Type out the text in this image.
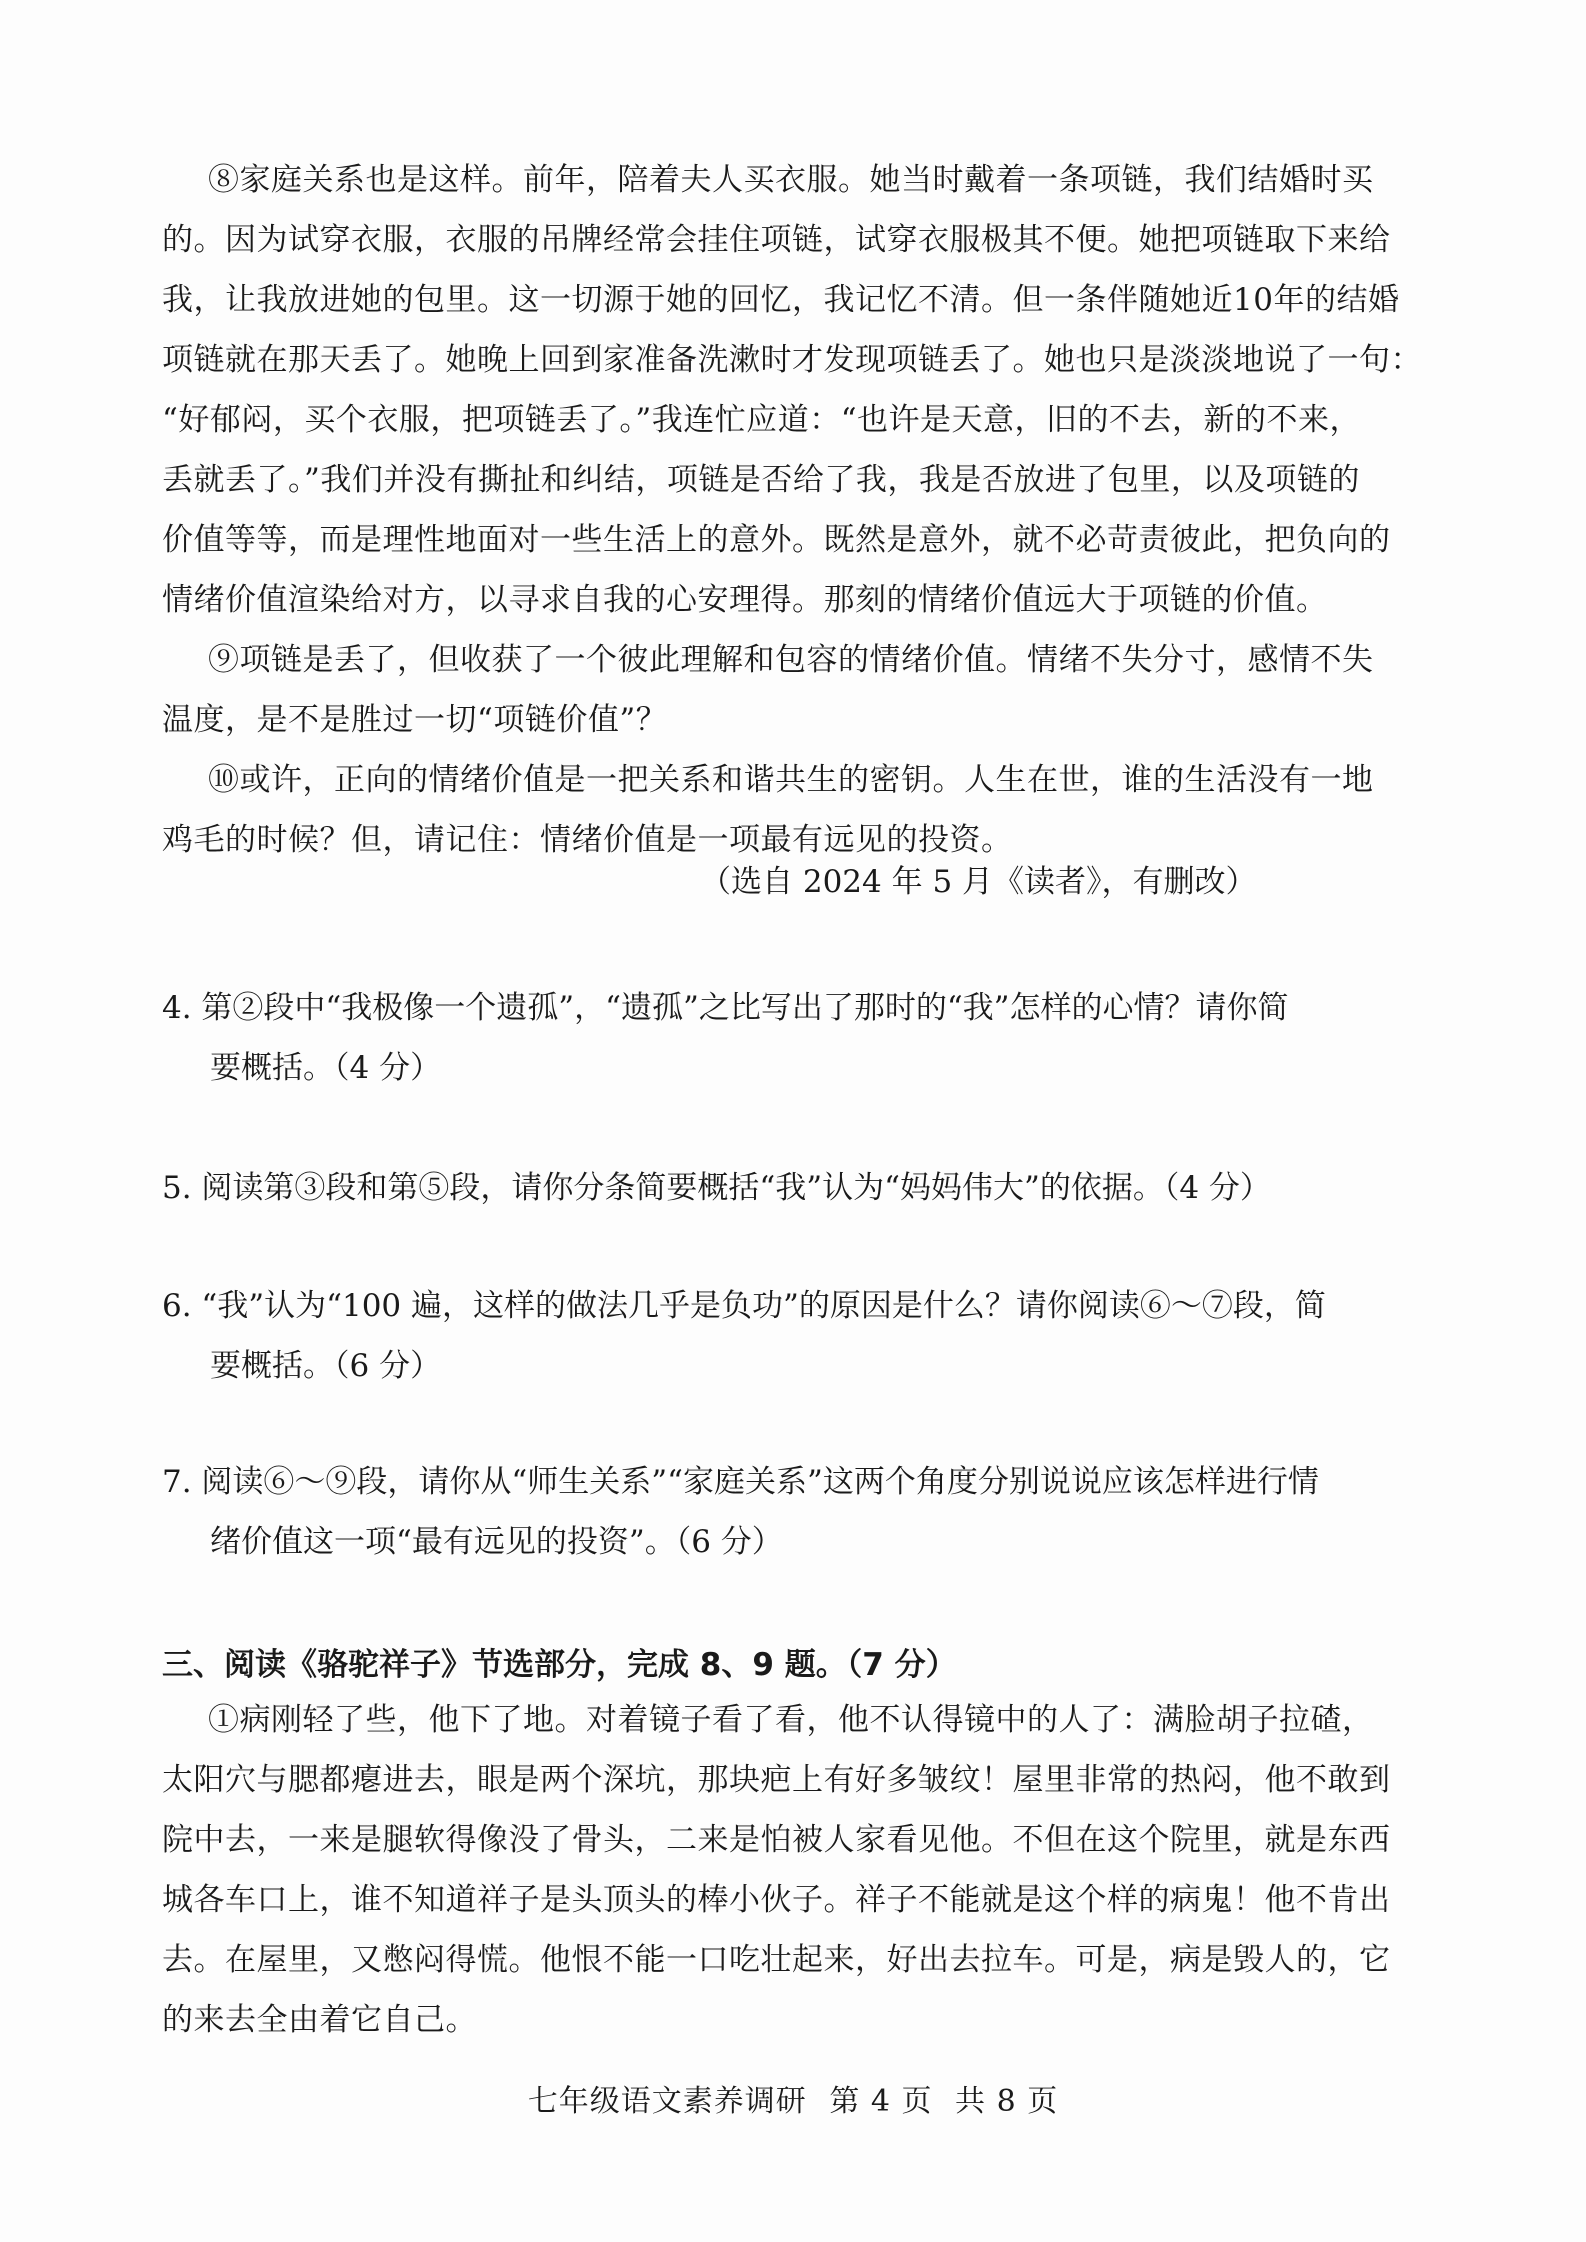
⑧家庭关系也是这样。前年，陪着夫人买衣服。她当时戴着一条项链，我们结婚时买
的。因为试穿衣服，衣服的吊牌经常会挂住项链，试穿衣服极其不便。她把项链取下来给
我，让我放进她的包里。这一切源于她的回忆，我记忆不清。但一条伴随她近10年的结婚
项链就在那天丢了。她晚上回到家准备洗漱时才发现项链丢了。她也只是淡淡地说了一句：
“好郁闷，买个衣服，把项链丢了。”我连忙应道：“也许是天意，旧的不去，新的不来，
丢就丢了。”我们并没有撕扯和纠结，项链是否给了我，我是否放进了包里，以及项链的
价值等等，而是理性地面对一些生活上的意外。既然是意外，就不必苛责彼此，把负向的
情绪价值渲染给对方，以寻求自我的心安理得。那刻的情绪价值远大于项链的价值。
⑨项链是丢了，但收获了一个彼此理解和包容的情绪价值。情绪不失分寸，感情不失
温度，是不是胜过一切“项链价值”？
⑩或许，正向的情绪价值是一把关系和谐共生的密钥。人生在世，谁的生活没有一地
鸡毛的时候？但，请记住：情绪价值是一项最有远见的投资。
（选自 2024 年 5 月《读者》，有删改）
4. 第②段中“我极像一个遗孤”，“遗孤”之比写出了那时的“我”怎样的心情？请你简
要概括。（4 分）
5. 阅读第③段和第⑤段，请你分条简要概括“我”认为“妈妈伟大”的依据。（4 分）
6. “我”认为“100 遍，这样的做法几乎是负功”的原因是什么？请你阅读⑥～⑦段，简
要概括。（6 分）
7. 阅读⑥～⑨段，请你从“师生关系”“家庭关系”这两个角度分别说说应该怎样进行情
绪价值这一项“最有远见的投资”。（6 分）
三、阅读《骆驼祥子》节选部分，完成 8、9 题。（7 分）
①病刚轻了些，他下了地。对着镜子看了看，他不认得镜中的人了：满脸胡子拉碴，
太阳穴与腮都瘪进去，眼是两个深坑，那块疤上有好多皱纹！屋里非常的热闷，他不敢到
院中去，一来是腿软得像没了骨头，二来是怕被人家看见他。不但在这个院里，就是东西
城各车口上，谁不知道祥子是头顶头的棒小伙子。祥子不能就是这个样的病鬼！他不肯出
去。在屋里，又憋闷得慌。他恨不能一口吃壮起来，好出去拉车。可是，病是毁人的，它
的来去全由着它自己。
七年级语文素养调研 第 4 页 共 8 页
